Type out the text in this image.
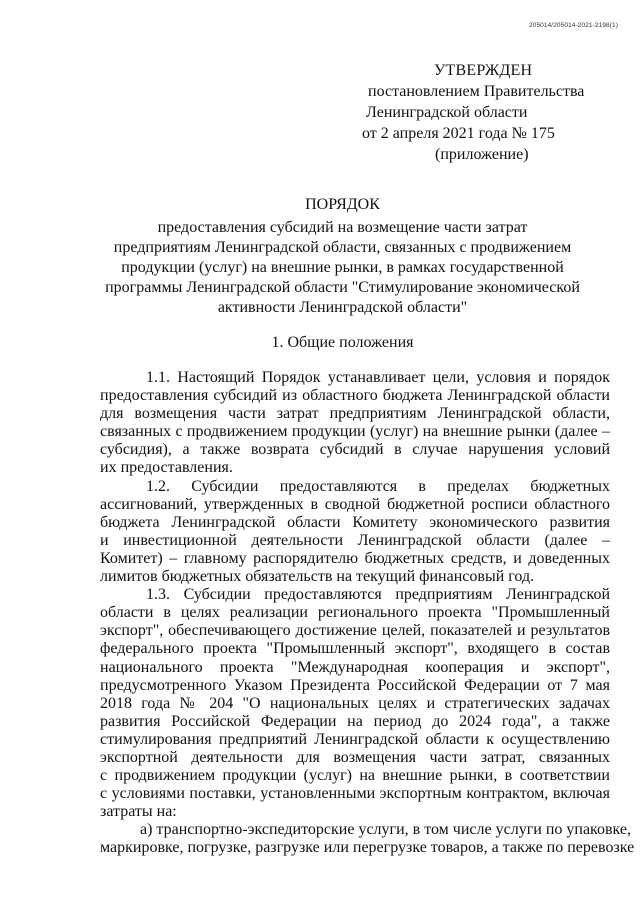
205014/205014-2021-2198(1)
УТВЕРЖДЕН
постановлением Правительства
Ленинградской области
от 2 апреля 2021 года № 175
(приложение)
ПОРЯДОК
предоставления субсидий на возмещение части затрат
предприятиям Ленинградской области, связанных с продвижением
продукции (услуг) на внешние рынки, в рамках государственной
программы Ленинградской области "Стимулирование экономической
активности Ленинградской области"
1. Общие положения
1.1. Настоящий Порядок устанавливает цели, условия и порядок
предоставления субсидий из областного бюджета Ленинградской области
для возмещения части затрат предприятиям Ленинградской области,
связанных с продвижением продукции (услуг) на внешние рынки (далее –
субсидия), а также возврата субсидий в случае нарушения условий
их предоставления.
1.2. Субсидии предоставляются в пределах бюджетных
ассигнований, утвержденных в сводной бюджетной росписи областного
бюджета Ленинградской области Комитету экономического развития
и инвестиционной деятельности Ленинградской области (далее –
Комитет) – главному распорядителю бюджетных средств, и доведенных
лимитов бюджетных обязательств на текущий финансовый год.
1.3. Субсидии предоставляются предприятиям Ленинградской
области в целях реализации регионального проекта "Промышленный
экспорт", обеспечивающего достижение целей, показателей и результатов
федерального проекта "Промышленный экспорт", входящего в состав
национального проекта "Международная кооперация и экспорт",
предусмотренного Указом Президента Российской Федерации от 7 мая
2018 года № 204 "О национальных целях и стратегических задачах
развития Российской Федерации на период до 2024 года", а также
стимулирования предприятий Ленинградской области к осуществлению
экспортной деятельности для возмещения части затрат, связанных
с продвижением продукции (услуг) на внешние рынки, в соответствии
с условиями поставки, установленными экспортным контрактом, включая
затраты на:
а) транспортно-экспедиторские услуги, в том числе услуги по упаковке,
маркировке, погрузке, разгрузке или перегрузке товаров, а также по перевозке
